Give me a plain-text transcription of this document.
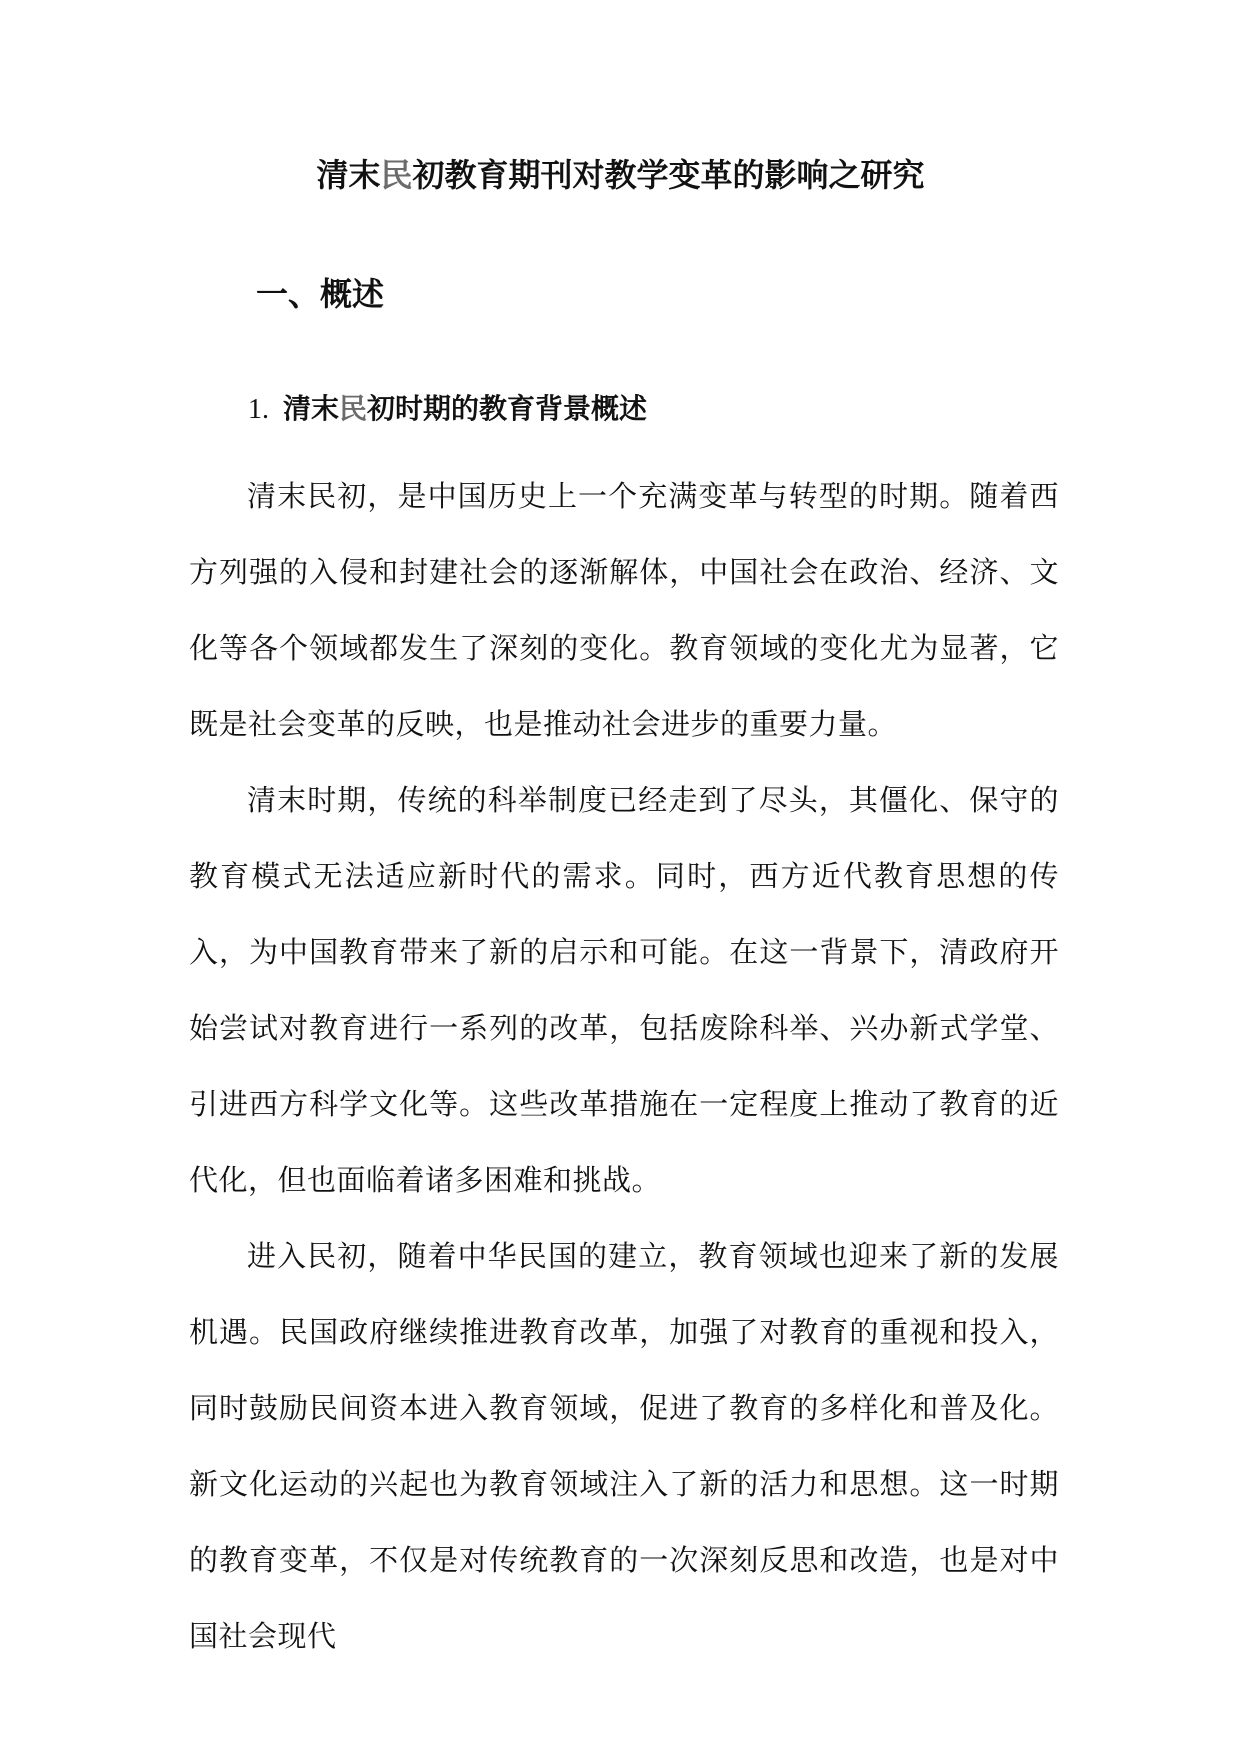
清末民初教育期刊对教学变革的影响之研究
一、概述
1. 清末民初时期的教育背景概述

清末民初，是中国历史上一个充满变革与转型的时期。随着西方列强的入侵和封建社会的逐渐解体，中国社会在政治、经济、文化等各个领域都发生了深刻的变化。教育领域的变化尤为显著，它既是社会变革的反映，也是推动社会进步的重要力量。

清末时期，传统的科举制度已经走到了尽头，其僵化、保守的教育模式无法适应新时代的需求。同时，西方近代教育思想的传入，为中国教育带来了新的启示和可能。在这一背景下，清政府开始尝试对教育进行一系列的改革，包括废除科举、兴办新式学堂、引进西方科学文化等。这些改革措施在一定程度上推动了教育的近代化，但也面临着诸多困难和挑战。

进入民初，随着中华民国的建立，教育领域也迎来了新的发展机遇。民国政府继续推进教育改革，加强了对教育的重视和投入，同时鼓励民间资本进入教育领域，促进了教育的多样化和普及化。新文化运动的兴起也为教育领域注入了新的活力和思想。这一时期的教育变革，不仅是对传统教育的一次深刻反思和改造，也是对中国社会现代
